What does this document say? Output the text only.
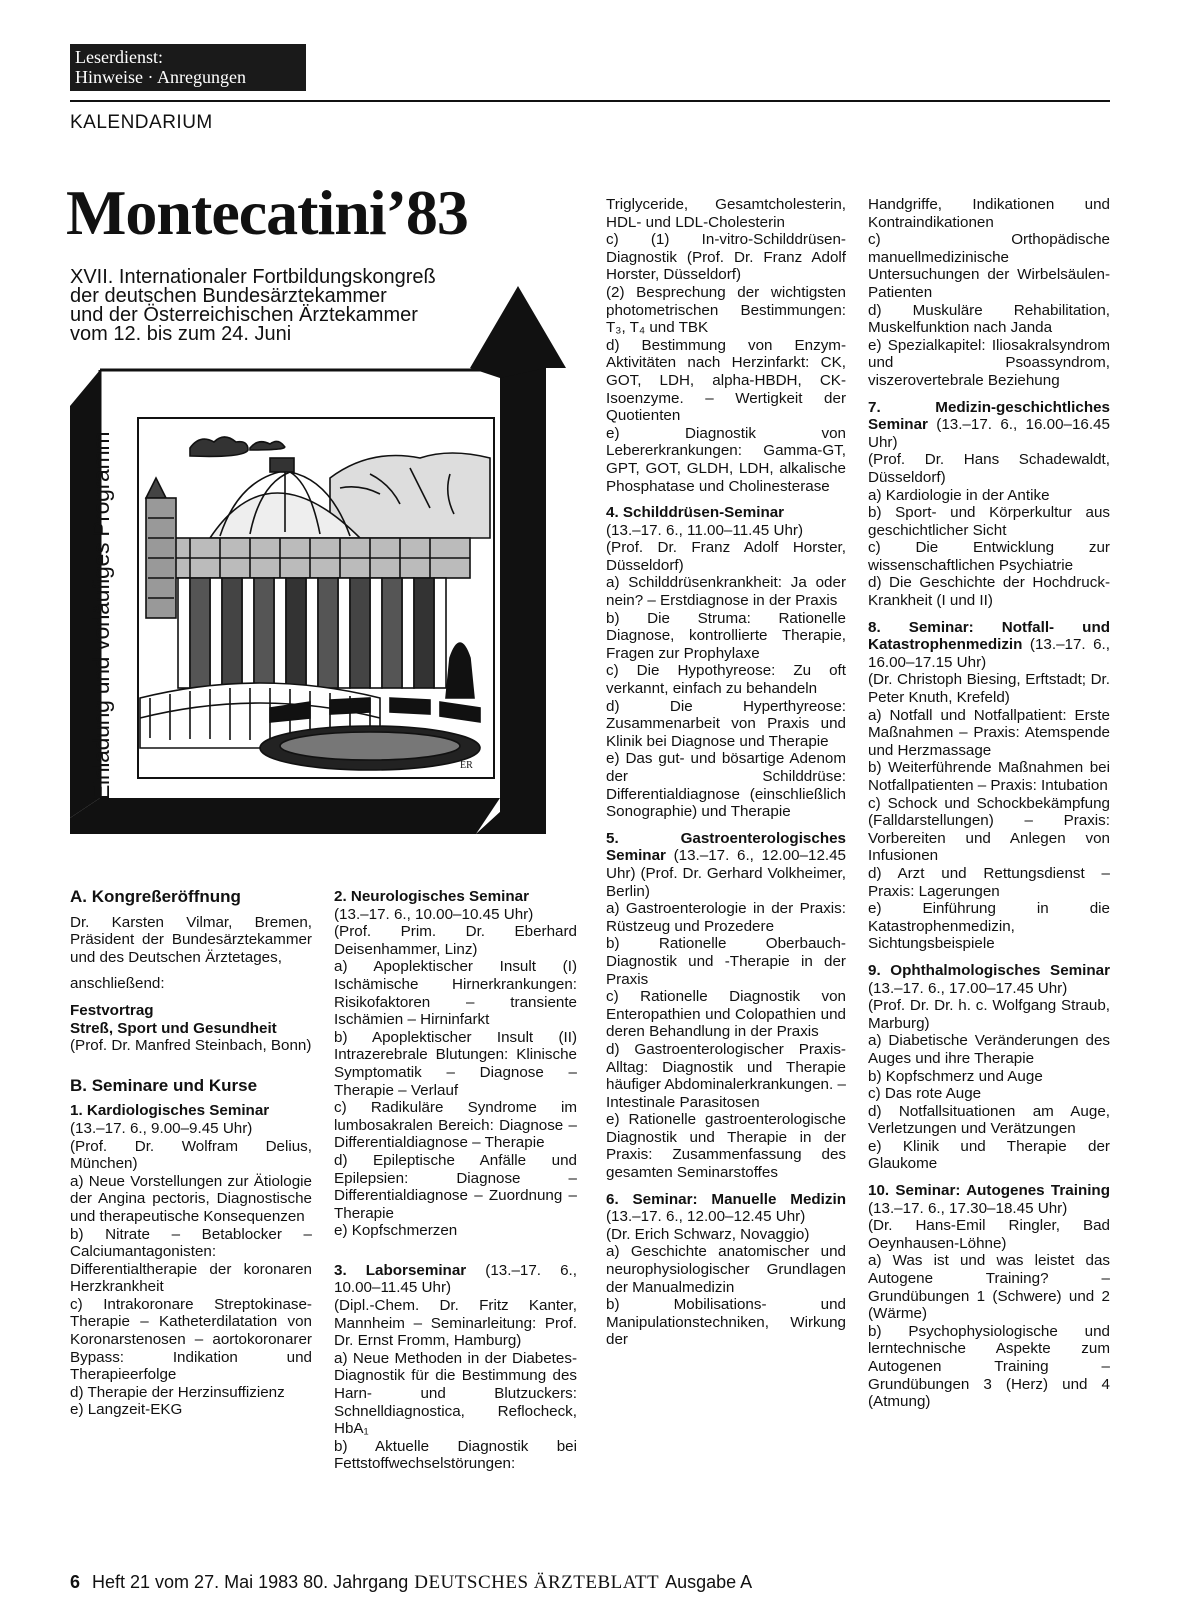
Leserdienst:
Hinweise · Anregungen
KALENDARIUM
ER
Einladung und vorläufiges Programm
Montecatini’83
XVII. Internationaler Fortbildungskongreß
der deutschen Bundesärztekammer
und der Österreichischen Ärztekammer
vom 12. bis zum 24. Juni

A. Kongreßeröffnung

Dr. Karsten Vilmar, Bremen, Präsident der Bundesärztekammer und des Deutschen Ärztetages,

anschließend:

Festvortrag

Streß, Sport und Gesundheit

(Prof. Dr. Manfred Steinbach, Bonn)

B. Seminare und Kurse

1. Kardiologisches Seminar

(13.–17. 6., 9.00–9.45 Uhr)

(Prof. Dr. Wolfram Delius, München)

a) Neue Vorstellungen zur Ätiologie der Angina pectoris, Diagnostische und therapeutische Konsequenzen

b) Nitrate – Betablocker – Calciumantagonisten: Differentialtherapie der koronaren Herzkrankheit

c) Intrakoronare Streptokinase-Therapie – Katheterdilatation von Koronarstenosen – aortokoronarer Bypass: Indikation und Therapieerfolge

d) Therapie der Herzinsuffizienz

e) Langzeit-EKG

2. Neurologisches Seminar

(13.–17. 6., 10.00–10.45 Uhr)

(Prof. Prim. Dr. Eberhard Deisenhammer, Linz)

a) Apoplektischer Insult (I) Ischämische Hirnerkrankungen: Risikofaktoren – transiente Ischämien – Hirninfarkt

b) Apoplektischer Insult (II) Intrazerebrale Blutungen: Klinische Symptomatik – Diagnose – Therapie – Verlauf

c) Radikuläre Syndrome im lumbosakralen Bereich: Diagnose – Differentialdiagnose – Therapie

d) Epileptische Anfälle und Epilepsien: Diagnose – Differentialdiagnose – Zuordnung – Therapie

e) Kopfschmerzen

3. Laborseminar (13.–17. 6., 10.00–11.45 Uhr)

(Dipl.-Chem. Dr. Fritz Kanter, Mannheim – Seminarleitung: Prof. Dr. Ernst Fromm, Hamburg)

a) Neue Methoden in der Diabetes-Diagnostik für die Bestimmung des Harn- und Blutzuckers: Schnelldiagnostica, Reflocheck, HbA₁

b) Aktuelle Diagnostik bei Fettstoffwechselstörungen:

Triglyceride, Gesamtcholesterin, HDL- und LDL-Cholesterin

c) (1) In-vitro-Schilddrüsen-Diagnostik (Prof. Dr. Franz Adolf Horster, Düsseldorf)

(2) Besprechung der wichtigsten photometrischen Bestimmungen: T₃, T₄ und TBK

d) Bestimmung von Enzym-Aktivitäten nach Herzinfarkt: CK, GOT, LDH, alpha-HBDH, CK-Isoenzyme. – Wertigkeit der Quotienten

e) Diagnostik von Lebererkrankungen: Gamma-GT, GPT, GOT, GLDH, LDH, alkalische Phosphatase und Cholinesterase

4. Schilddrüsen-Seminar

(13.–17. 6., 11.00–11.45 Uhr)

(Prof. Dr. Franz Adolf Horster, Düsseldorf)

a) Schilddrüsenkrankheit: Ja oder nein? – Erstdiagnose in der Praxis

b) Die Struma: Rationelle Diagnose, kontrollierte Therapie, Fragen zur Prophylaxe

c) Die Hypothyreose: Zu oft verkannt, einfach zu behandeln

d) Die Hyperthyreose: Zusammenarbeit von Praxis und Klinik bei Diagnose und Therapie

e) Das gut- und bösartige Adenom der Schilddrüse: Differentialdiagnose (einschließlich Sonographie) und Therapie

5. Gastroenterologisches Seminar (13.–17. 6., 12.00–12.45 Uhr) (Prof. Dr. Gerhard Volkheimer, Berlin)

a) Gastroenterologie in der Praxis: Rüstzeug und Prozedere

b) Rationelle Oberbauch-Diagnostik und -Therapie in der Praxis

c) Rationelle Diagnostik von Enteropathien und Colopathien und deren Behandlung in der Praxis

d) Gastroenterologischer Praxis-Alltag: Diagnostik und Therapie häufiger Abdominalerkrankungen. – Intestinale Parasitosen

e) Rationelle gastroenterologische Diagnostik und Therapie in der Praxis: Zusammenfassung des gesamten Seminarstoffes

6. Seminar: Manuelle Medizin (13.–17. 6., 12.00–12.45 Uhr)

(Dr. Erich Schwarz, Novaggio)

a) Geschichte anatomischer und neurophysiologischer Grundlagen der Manualmedizin

b) Mobilisations- und Manipulationstechniken, Wirkung der

Handgriffe, Indikationen und Kontraindikationen

c) Orthopädische manuellmedizinische Untersuchungen der Wirbelsäulen-Patienten

d) Muskuläre Rehabilitation, Muskelfunktion nach Janda

e) Spezialkapitel: Iliosakralsyndrom und Psoassyndrom, viszerovertebrale Beziehung

7. Medizin-geschichtliches Seminar (13.–17. 6., 16.00–16.45 Uhr)

(Prof. Dr. Hans Schadewaldt, Düsseldorf)

a) Kardiologie in der Antike

b) Sport- und Körperkultur aus geschichtlicher Sicht

c) Die Entwicklung zur wissenschaftlichen Psychiatrie

d) Die Geschichte der Hochdruck-Krankheit (I und II)

8. Seminar: Notfall- und Katastrophenmedizin (13.–17. 6., 16.00–17.15 Uhr)

(Dr. Christoph Biesing, Erftstadt; Dr. Peter Knuth, Krefeld)

a) Notfall und Notfallpatient: Erste Maßnahmen – Praxis: Atemspende und Herzmassage

b) Weiterführende Maßnahmen bei Notfallpatienten – Praxis: Intubation

c) Schock und Schockbekämpfung (Falldarstellungen) – Praxis: Vorbereiten und Anlegen von Infusionen

d) Arzt und Rettungsdienst – Praxis: Lagerungen

e) Einführung in die Katastrophenmedizin, Sichtungsbeispiele

9. Ophthalmologisches Seminar (13.–17. 6., 17.00–17.45 Uhr)

(Prof. Dr. Dr. h. c. Wolfgang Straub, Marburg)

a) Diabetische Veränderungen des Auges und ihre Therapie

b) Kopfschmerz und Auge

c) Das rote Auge

d) Notfallsituationen am Auge, Verletzungen und Verätzungen

e) Klinik und Therapie der Glaukome

10. Seminar: Autogenes Training (13.–17. 6., 17.30–18.45 Uhr)

(Dr. Hans-Emil Ringler, Bad Oeynhausen-Löhne)

a) Was ist und was leistet das Autogene Training? – Grundübungen 1 (Schwere) und 2 (Wärme)

b) Psychophysiologische und lerntechnische Aspekte zum Autogenen Training – Grundübungen 3 (Herz) und 4 (Atmung)

6 Heft 21 vom 27. Mai 1983 80. Jahrgang DEUTSCHES ÄRZTEBLATT Ausgabe A
